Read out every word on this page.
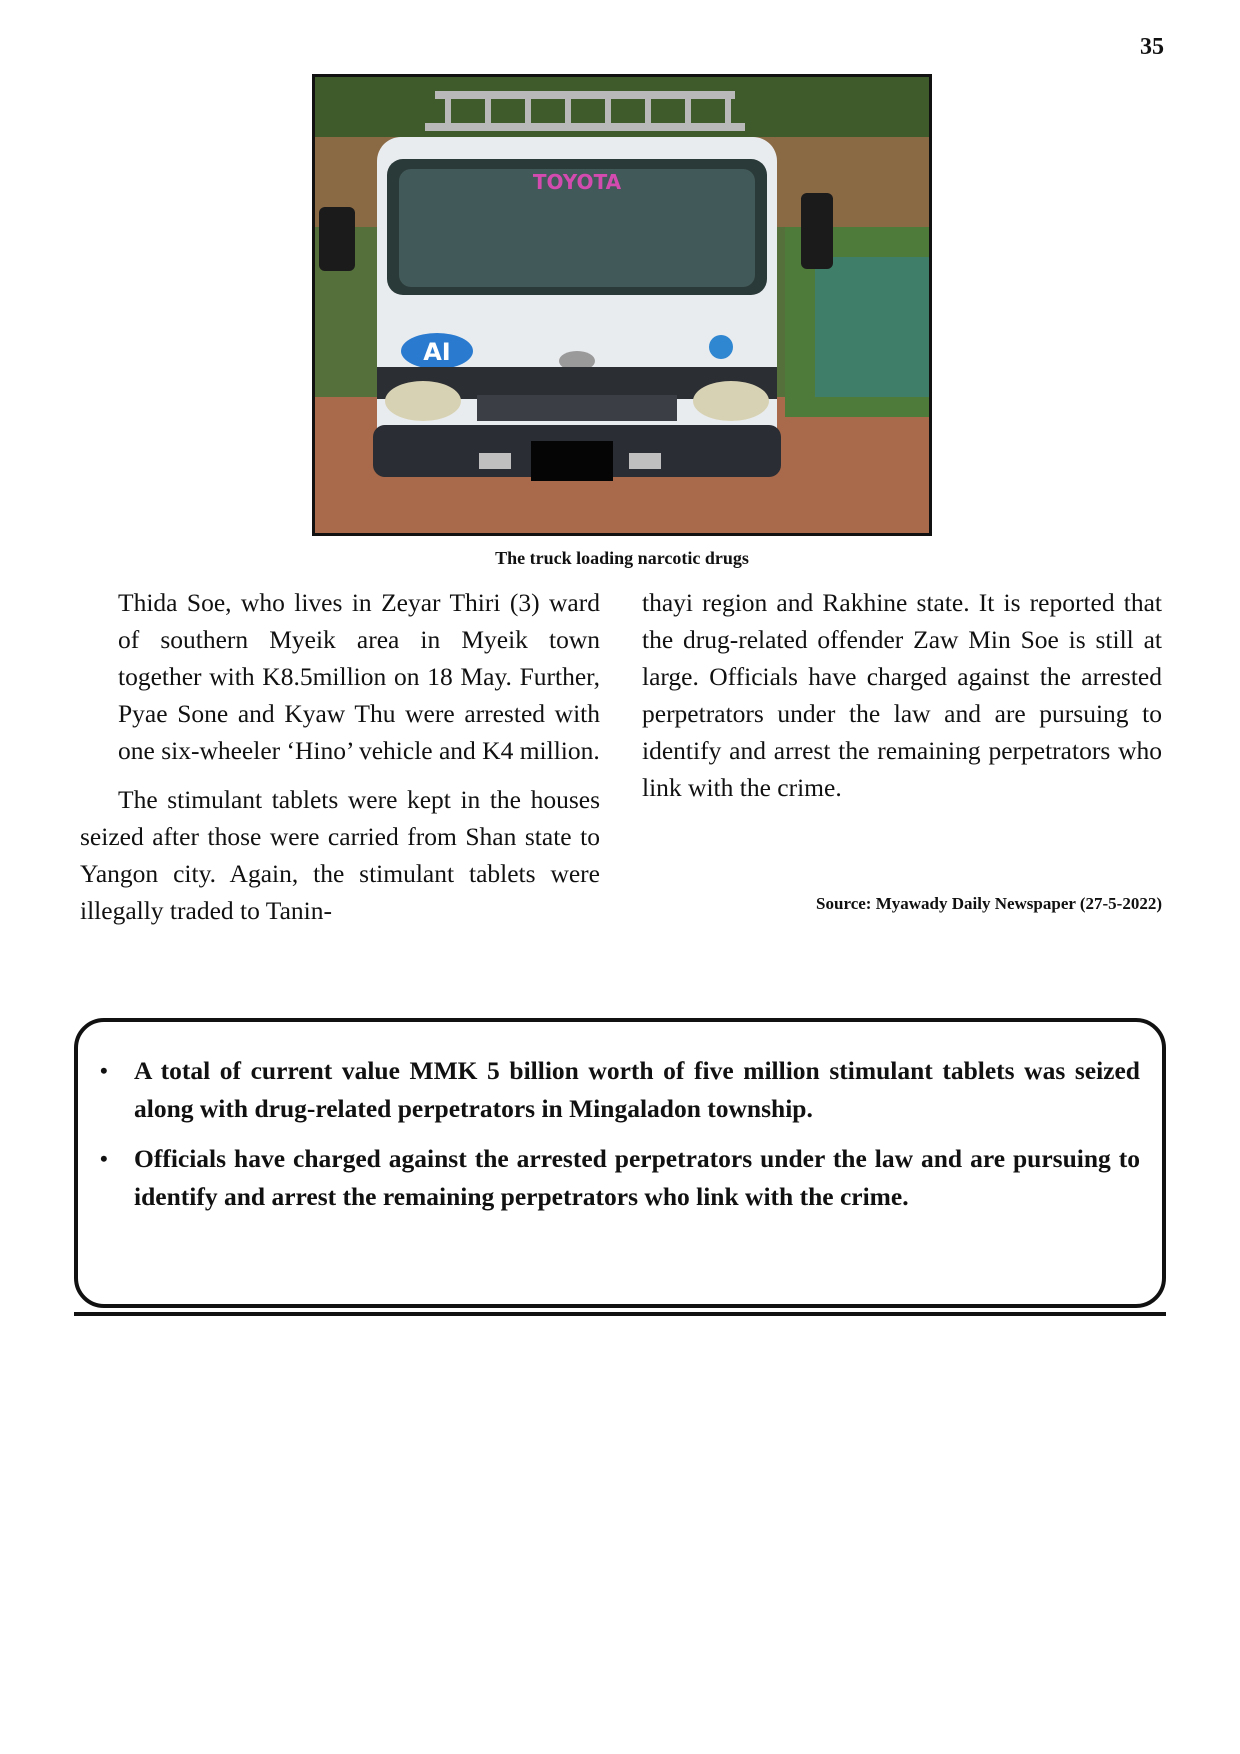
35
TOYOTA
AI
The truck loading narcotic drugs

Thida Soe, who lives in Zeyar Thiri (3) ward of southern Myeik area in Myeik town together with K8.5million on 18 May. Further, Pyae Sone and Kyaw Thu were arrested with one six-wheeler ‘Hino’ vehicle and K4 million.

The stimulant tablets were kept in the houses seized after those were carried from Shan state to Yangon city. Again, the stimulant tablets were illegally traded to Tanin-

thayi region and Rakhine state. It is reported that the drug-related offender Zaw Min Soe is still at large. Officials have charged against the arrested perpetrators under the law and are pursuing to identify and arrest the remaining perpetrators who link with the crime.

Source: Myawady Daily Newspaper (27-5-2022)
• A total of current value MMK 5 billion worth of five million stimulant tablets was seized along with drug-related perpetrators in Mingaladon township.
• Officials have charged against the arrested perpetrators under the law and are pursuing to identify and arrest the remaining perpetrators who link with the crime.
